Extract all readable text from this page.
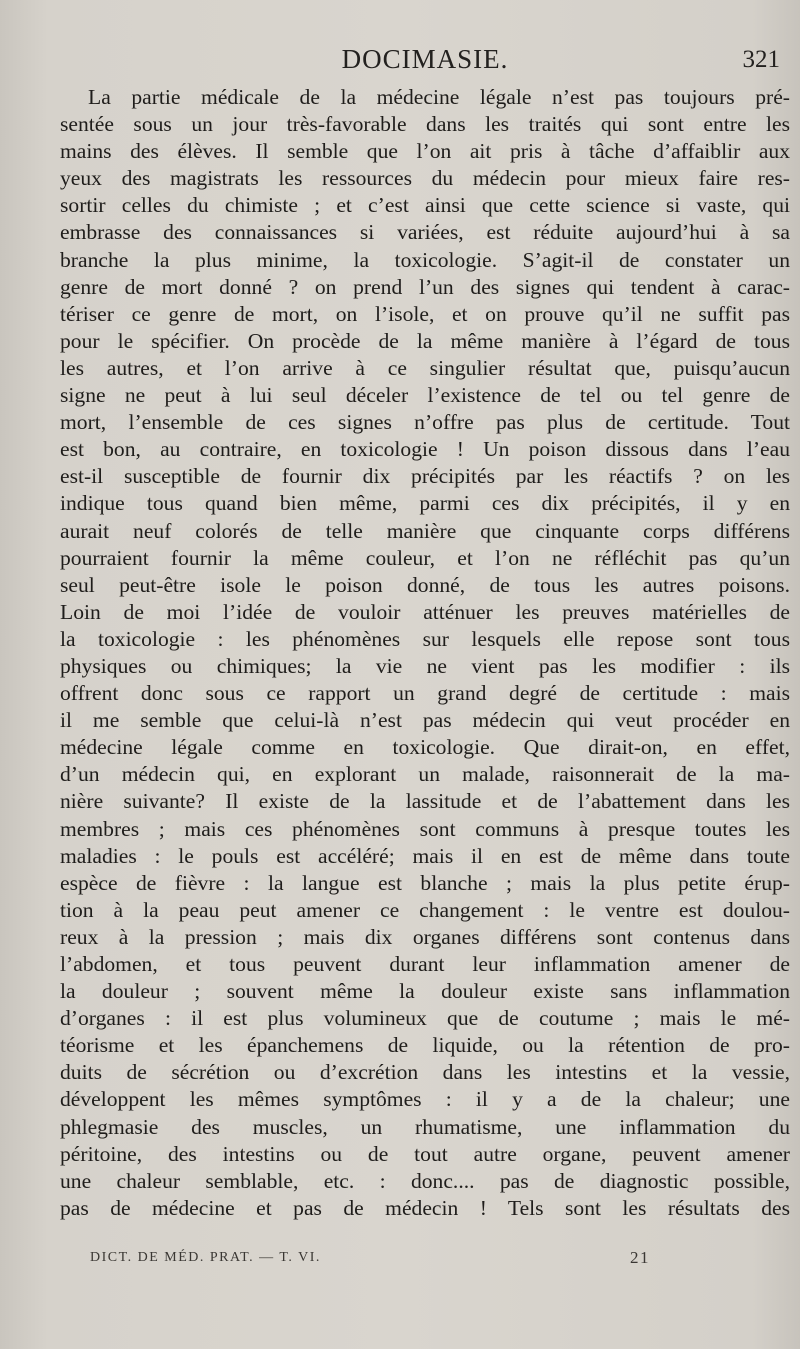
DOCIMASIE.	321
La partie médicale de la médecine légale n’est pas toujours pré-
sentée sous un jour très-favorable dans les traités qui sont entre les
mains des élèves. Il semble que l’on ait pris à tâche d’affaiblir aux
yeux des magistrats les ressources du médecin pour mieux faire res-
sortir celles du chimiste ; et c’est ainsi que cette science si vaste, qui
embrasse des connaissances si variées, est réduite aujourd’hui à sa
branche la plus minime, la toxicologie. S’agit-il de constater un
genre de mort donné ? on prend l’un des signes qui tendent à carac-
tériser ce genre de mort, on l’isole, et on prouve qu’il ne suffit pas
pour le spécifier. On procède de la même manière à l’égard de tous
les autres, et l’on arrive à ce singulier résultat que, puisqu’aucun
signe ne peut à lui seul déceler l’existence de tel ou tel genre de
mort, l’ensemble de ces signes n’offre pas plus de certitude. Tout
est bon, au contraire, en toxicologie ! Un poison dissous dans l’eau
est-il susceptible de fournir dix précipités par les réactifs ? on les
indique tous quand bien même, parmi ces dix précipités, il y en
aurait neuf colorés de telle manière que cinquante corps différens
pourraient fournir la même couleur, et l’on ne réfléchit pas qu’un
seul peut-être isole le poison donné, de tous les autres poisons.
Loin de moi l’idée de vouloir atténuer les preuves matérielles de
la toxicologie : les phénomènes sur lesquels elle repose sont tous
physiques ou chimiques; la vie ne vient pas les modifier : ils
offrent donc sous ce rapport un grand degré de certitude : mais
il me semble que celui-là n’est pas médecin qui veut procéder en
médecine légale comme en toxicologie. Que dirait-on, en effet,
d’un médecin qui, en explorant un malade, raisonnerait de la ma-
nière suivante? Il existe de la lassitude et de l’abattement dans les
membres ; mais ces phénomènes sont communs à presque toutes les
maladies : le pouls est accéléré; mais il en est de même dans toute
espèce de fièvre : la langue est blanche ; mais la plus petite érup-
tion à la peau peut amener ce changement : le ventre est doulou-
reux à la pression ; mais dix organes différens sont contenus dans
l’abdomen, et tous peuvent durant leur inflammation amener de
la douleur ; souvent même la douleur existe sans inflammation
d’organes : il est plus volumineux que de coutume ; mais le mé-
téorisme et les épanchemens de liquide, ou la rétention de pro-
duits de sécrétion ou d’excrétion dans les intestins et la vessie,
développent les mêmes symptômes : il y a de la chaleur; une
phlegmasie des muscles, un rhumatisme, une inflammation du
péritoine, des intestins ou de tout autre organe, peuvent amener
une chaleur semblable, etc. : donc.... pas de diagnostic possible,
pas de médecine et pas de médecin ! Tels sont les résultats des
DICT. DE MÉD. PRAT. — T. VI.	21
